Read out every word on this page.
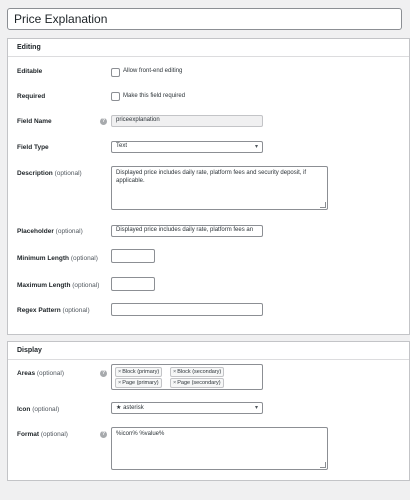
Price Explanation
Editing
Editable	Allow front-end editing
Required	Make this field required
Field Name	?	priceexplanation
Field Type	Text	▾
Description (optional)	Displayed price includes daily rate, platform fees and security deposit, if applicable.
Placeholder (optional)	Displayed price includes daily rate, platform fees an
Minimum Length (optional)
Maximum Length (optional)
Regex Pattern (optional)
Display
Areas (optional)	?	×Block (primary)	×Block (secondary)
×Page (primary)	×Page (secondary)
Icon (optional)	★ asterisk	▾
Format (optional)	?	%icon% %value%
